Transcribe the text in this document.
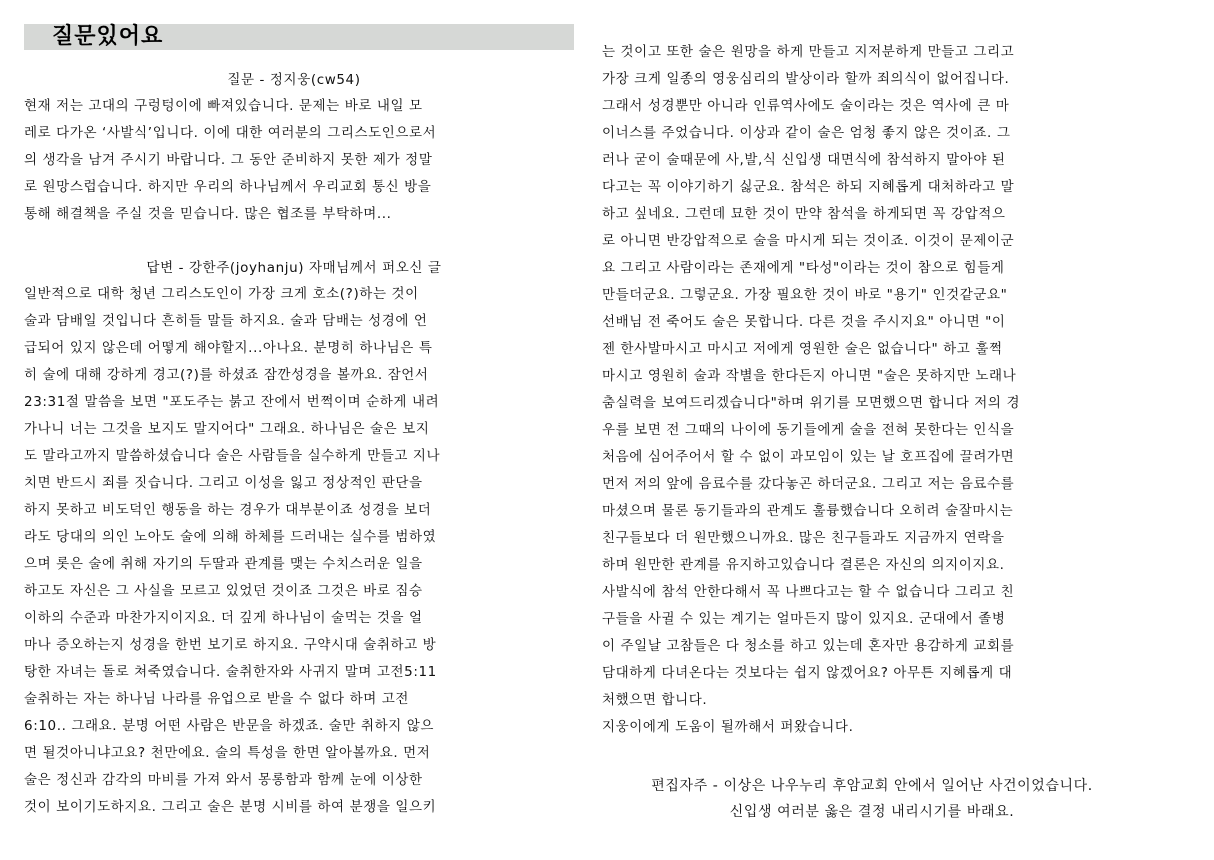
질문있어요
질문 - 정지웅(cw54)
현재 저는 고대의 구렁텅이에 빠져있습니다. 문제는 바로 내일 모
레로 다가온 ‘사발식’입니다. 이에 대한 여러분의 그리스도인으로서
의 생각을 남겨 주시기 바랍니다. 그 동안 준비하지 못한 제가 정말
로 원망스럽습니다. 하지만 우리의 하나님께서 우리교회 통신 방을
통해 해결책을 주실 것을 믿습니다. 많은 협조를 부탁하며...
답변 - 강한주(joyhanju) 자매님께서 퍼오신 글
일반적으로 대학 청년 그리스도인이 가장 크게 호소(?)하는 것이
술과 담배일 것입니다 흔히들 말들 하지요. 술과 담배는 성경에 언
급되어 있지 않은데 어떻게 해야할지...아나요. 분명히 하나님은 특
히 술에 대해 강하게 경고(?)를 하셨죠 잠깐성경을 볼까요. 잠언서
23:31절 말씀을 보면 "포도주는 붉고 잔에서 번쩍이며 순하게 내려
가나니 너는 그것을 보지도 말지어다" 그래요. 하나님은 술은 보지
도 말라고까지 말씀하셨습니다 술은 사람들을 실수하게 만들고 지나
치면 반드시 죄를 짓습니다. 그리고 이성을 잃고 정상적인 판단을
하지 못하고 비도덕인 행동을 하는 경우가 대부분이죠 성경을 보더
라도 당대의 의인 노아도 술에 의해 하체를 드러내는 실수를 범하였
으며 롯은 술에 취해 자기의 두딸과 관계를 맺는 수치스러운 일을
하고도 자신은 그 사실을 모르고 있었던 것이죠 그것은 바로 짐승
이하의 수준과 마찬가지이지요. 더 깊게 하나님이 술먹는 것을 얼
마나 증오하는지 성경을 한번 보기로 하지요. 구약시대 술취하고 방
탕한 자녀는 돌로 쳐죽였습니다. 술취한자와 사귀지 말며 고전5:11
술취하는 자는 하나님 나라를 유업으로 받을 수 없다 하며 고전
6:10.. 그래요. 분명 어떤 사람은 반문을 하겠죠. 술만 취하지 않으
면 될것아니냐고요? 천만에요. 술의 특성을 한면 알아볼까요. 먼저
술은 정신과 감각의 마비를 가져 와서 몽롱함과 함께 눈에 이상한
것이 보이기도하지요. 그리고 술은 분명 시비를 하여 분쟁을 일으키
는 것이고 또한 술은 원망을 하게 만들고 지저분하게 만들고 그리고
가장 크게 일종의 영웅심리의 발상이라 할까 죄의식이 없어집니다.
그래서 성경뿐만 아니라 인류역사에도 술이라는 것은 역사에 큰 마
이너스를 주었습니다. 이상과 같이 술은 엄청 좋지 않은 것이죠. 그
러나 굳이 술때문에 사,발,식 신입생 대면식에 참석하지 말아야 된
다고는 꼭 이야기하기 싫군요. 참석은 하되 지혜롭게 대처하라고 말
하고 싶네요. 그런데 묘한 것이 만약 참석을 하게되면 꼭 강압적으
로 아니면 반강압적으로 술을 마시게 되는 것이죠. 이것이 문제이군
요 그리고 사람이라는 존재에게 "타성"이라는 것이 참으로 힘들게
만들더군요. 그렇군요. 가장 필요한 것이 바로 "용기" 인것같군요"
선배님 전 죽어도 술은 못합니다. 다른 것을 주시지요" 아니면 "이
젠 한사발마시고 마시고 저에게 영원한 술은 없습니다" 하고 훌쩍
마시고 영원히 술과 작별을 한다든지 아니면 "술은 못하지만 노래나
춤실력을 보여드리겠습니다"하며 위기를 모면했으면 합니다 저의 경
우를 보면 전 그때의 나이에 동기들에게 술을 전혀 못한다는 인식을
처음에 심어주어서 할 수 없이 과모임이 있는 날 호프집에 끌려가면
먼저 저의 앞에 음료수를 갔다놓곤 하더군요. 그리고 저는 음료수를
마셨으며 물론 동기들과의 관계도 훌륭했습니다 오히려 술잘마시는
친구들보다 더 원만했으니까요. 많은 친구들과도 지금까지 연락을
하며 원만한 관계를 유지하고있습니다 결론은 자신의 의지이지요.
사발식에 참석 안한다해서 꼭 나쁘다고는 할 수 없습니다 그리고 친
구들을 사귈 수 있는 계기는 얼마든지 많이 있지요. 군대에서 졸병
이 주일날 고참들은 다 청소를 하고 있는데 혼자만 용감하게 교회를
담대하게 다녀온다는 것보다는 쉽지 않겠어요? 아무튼 지혜롭게 대
처했으면 합니다.
지웅이에게 도움이 될까해서 퍼왔습니다.
편집자주 - 이상은 나우누리 후암교회 안에서 일어난 사건이었습니다.
신입생 여러분 옳은 결정 내리시기를 바래요.
